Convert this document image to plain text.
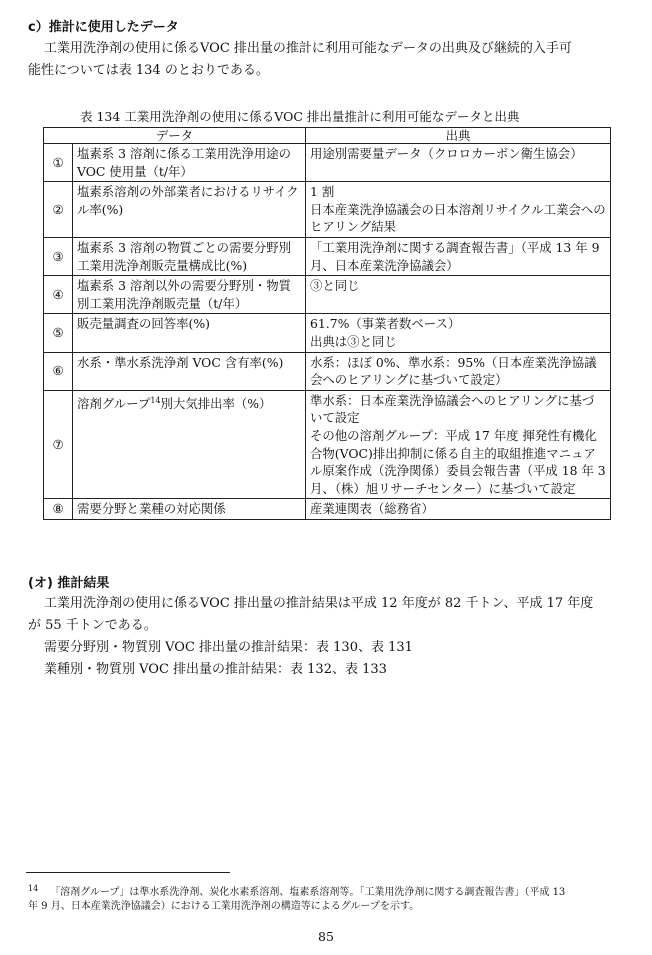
c）推計に使用したデータ
工業用洗浄剤の使用に係るVOC 排出量の推計に利用可能なデータの出典及び継続的入手可
能性については表 134 のとおりである。
表 134 工業用洗浄剤の使用に係るVOC 排出量推計に利用可能なデータと出典
データ		出典
①	塩素系 3 溶剤に係る工業用洗浄用途の VOC 使用量（t/年）	用途別需要量データ（クロロカーボン衛生協会）
②	塩素系溶剤の外部業者におけるリサイクル率(%)	1 割
日本産業洗浄協議会の日本溶剤リサイクル工業会へのヒアリング結果

③	塩素系 3 溶剤の物質ごとの需要分野別工業用洗浄剤販売量構成比(%)	「工業用洗浄剤に関する調査報告書」（平成 13 年 9 月、日本産業洗浄協議会）
④	塩素系 3 溶剤以外の需要分野別・物質別工業用洗浄剤販売量（t/年）	③と同じ
⑤	販売量調査の回答率(%)	61.7%（事業者数ベース）
出典は③と同じ

⑥	水系・準水系洗浄剤 VOC 含有率(%)	水系：ほぼ 0%、準水系：95%（日本産業洗浄協議会へのヒアリングに基づいて設定）
⑦	溶剤グループ$^{14}$別大気排出率（%）	準水系：日本産業洗浄協議会へのヒアリングに基づいて設定
その他の溶剤グループ：平成 17 年度 揮発性有機化合物(VOC)排出抑制に係る自主的取組推進マニュアル原案作成（洗浄関係）委員会報告書（平成 18 年 3 月、（株）旭リサーチセンター）に基づいて設定

⑧	需要分野と業種の対応関係	産業連関表（総務省）
(オ) 推計結果
工業用洗浄剤の使用に係るVOC 排出量の推計結果は平成 12 年度が 82 千トン、平成 17 年度
が 55 千トンである。
需要分野別・物質別 VOC 排出量の推計結果：表 130、表 131
業種別・物質別 VOC 排出量の推計結果：表 132、表 133
$^{14}$ 「溶剤グループ」は準水系洗浄剤、炭化水素系溶剤、塩素系溶剤等。「工業用洗浄剤に関する調査報告書」（平成 13
年 9 月、日本産業洗浄協議会）における工業用洗浄剤の構造等によるグループを示す。
85
